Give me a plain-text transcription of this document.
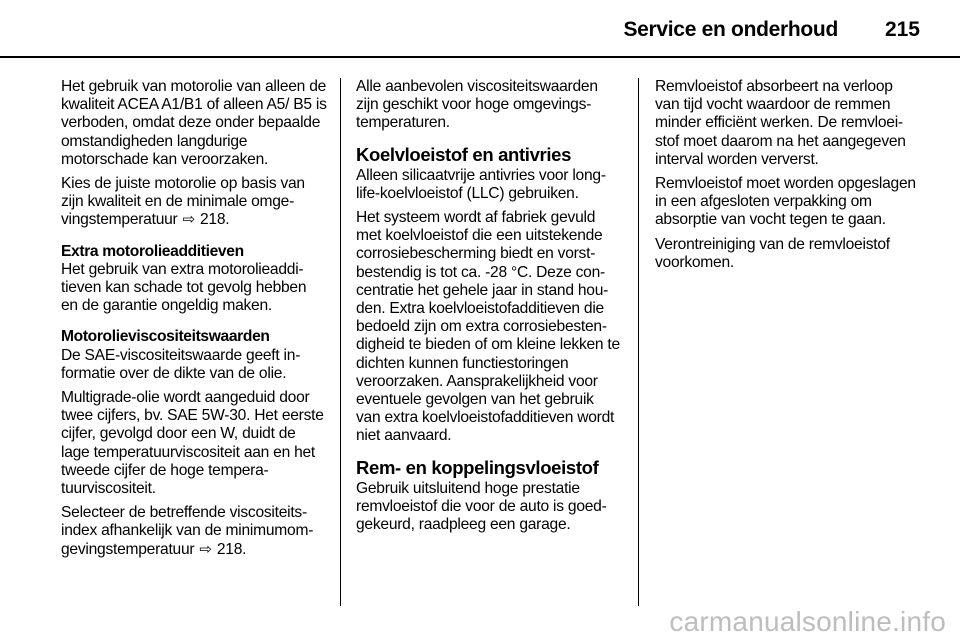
Service en onderhoud 215

Het gebruik van motorolie van alleen de kwaliteit ACEA A1/B1 of alleen A5/ B5 is verboden, omdat deze onder bepaalde omstandigheden langdurige motorschade kan veroorzaken.

Kies de juiste motorolie op basis van zijn kwaliteit en de minimale omgevingstemperatuur ⇨ 218.

Extra motorolieadditieven

Het gebruik van extra motorolieadditieven kan schade tot gevolg hebben en de garantie ongeldig maken.

Motorolieviscositeitswaarden

De SAE-viscositeitswaarde geeft informatie over de dikte van de olie.

Multigrade-olie wordt aangeduid door twee cijfers, bv. SAE 5W-30. Het eerste cijfer, gevolgd door een W, duidt de lage temperatuurviscositeit aan en het tweede cijfer de hoge temperatuurviscositeit.

Selecteer de betreffende viscositeitsindex afhankelijk van de minimumomgevingstemperatuur ⇨ 218.

Alle aanbevolen viscositeitswaarden zijn geschikt voor hoge omgevingstemperaturen.

Koelvloeistof en antivries

Alleen silicaatvrije antivries voor long-life-koelvloeistof (LLC) gebruiken.

Het systeem wordt af fabriek gevuld met koelvloeistof die een uitstekende corrosiebescherming biedt en vorstbestendig is tot ca. -28 °C. Deze concentratie het gehele jaar in stand houden. Extra koelvloeistofadditieven die bedoeld zijn om extra corrosiebestendigheid te bieden of om kleine lekken te dichten kunnen functiestoringen veroorzaken. Aansprakelijkheid voor eventuele gevolgen van het gebruik van extra koelvloeistofadditieven wordt niet aanvaard.

Rem- en koppelingsvloeistof

Gebruik uitsluitend hoge prestatie remvloeistof die voor de auto is goedgekeurd, raadpleeg een garage.

Remvloeistof absorbeert na verloop van tijd vocht waardoor de remmen minder efficiënt werken. De remvloeistof moet daarom na het aangegeven interval worden ververst.

Remvloeistof moet worden opgeslagen in een afgesloten verpakking om absorptie van vocht tegen te gaan.

Verontreiniging van de remvloeistof voorkomen.

carmanualsonline.info
